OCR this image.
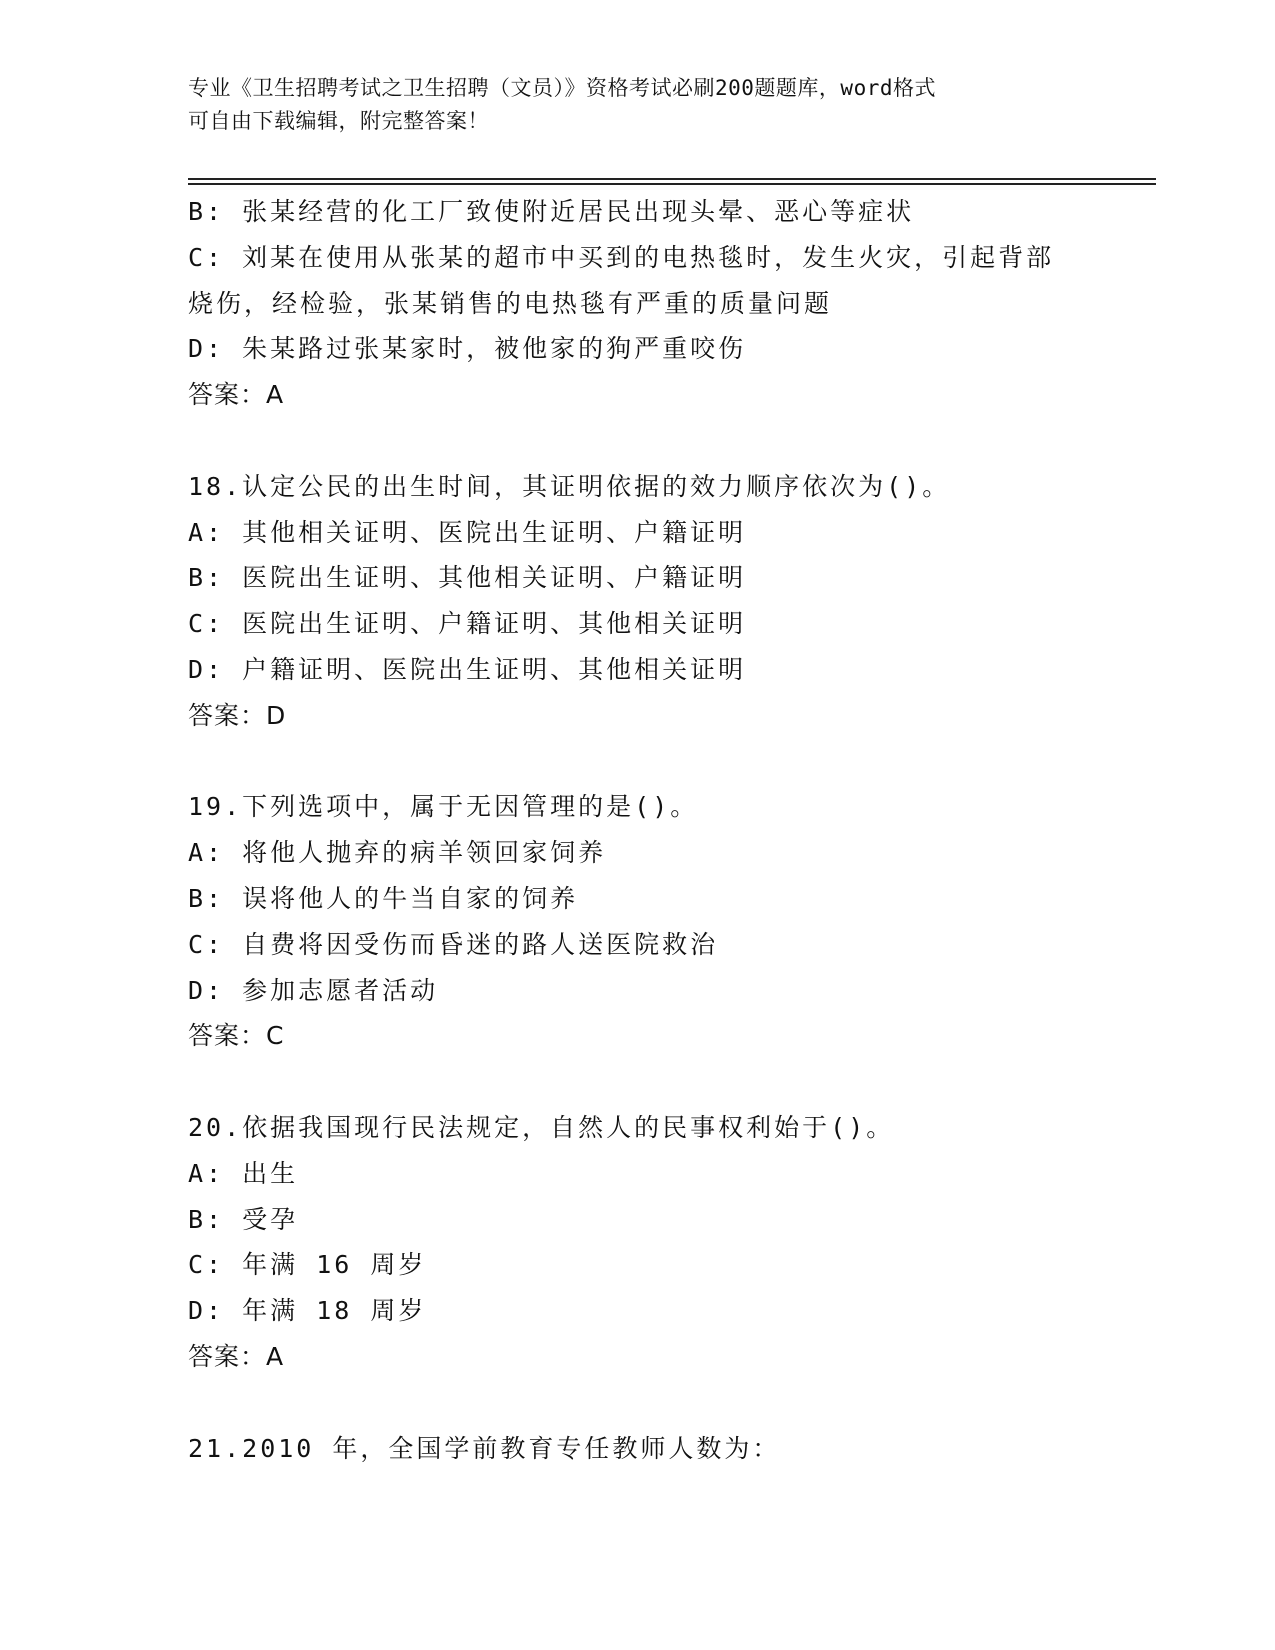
专业《卫生招聘考试之卫生招聘（文员）》资格考试必刷200题题库，word格式
可自由下载编辑，附完整答案！
B: 张某经营的化工厂致使附近居民出现头晕、恶心等症状
C: 刘某在使用从张某的超市中买到的电热毯时，发生火灾，引起背部
烧伤，经检验，张某销售的电热毯有严重的质量问题
D: 朱某路过张某家时，被他家的狗严重咬伤
答案：A
18.认定公民的出生时间，其证明依据的效力顺序依次为()。
A: 其他相关证明、医院出生证明、户籍证明
B: 医院出生证明、其他相关证明、户籍证明
C: 医院出生证明、户籍证明、其他相关证明
D: 户籍证明、医院出生证明、其他相关证明
答案：D
19.下列选项中，属于无因管理的是()。
A: 将他人抛弃的病羊领回家饲养
B: 误将他人的牛当自家的饲养
C: 自费将因受伤而昏迷的路人送医院救治
D: 参加志愿者活动
答案：C
20.依据我国现行民法规定，自然人的民事权利始于()。
A: 出生
B: 受孕
C: 年满 16 周岁
D: 年满 18 周岁
答案：A
21.2010 年，全国学前教育专任教师人数为：
